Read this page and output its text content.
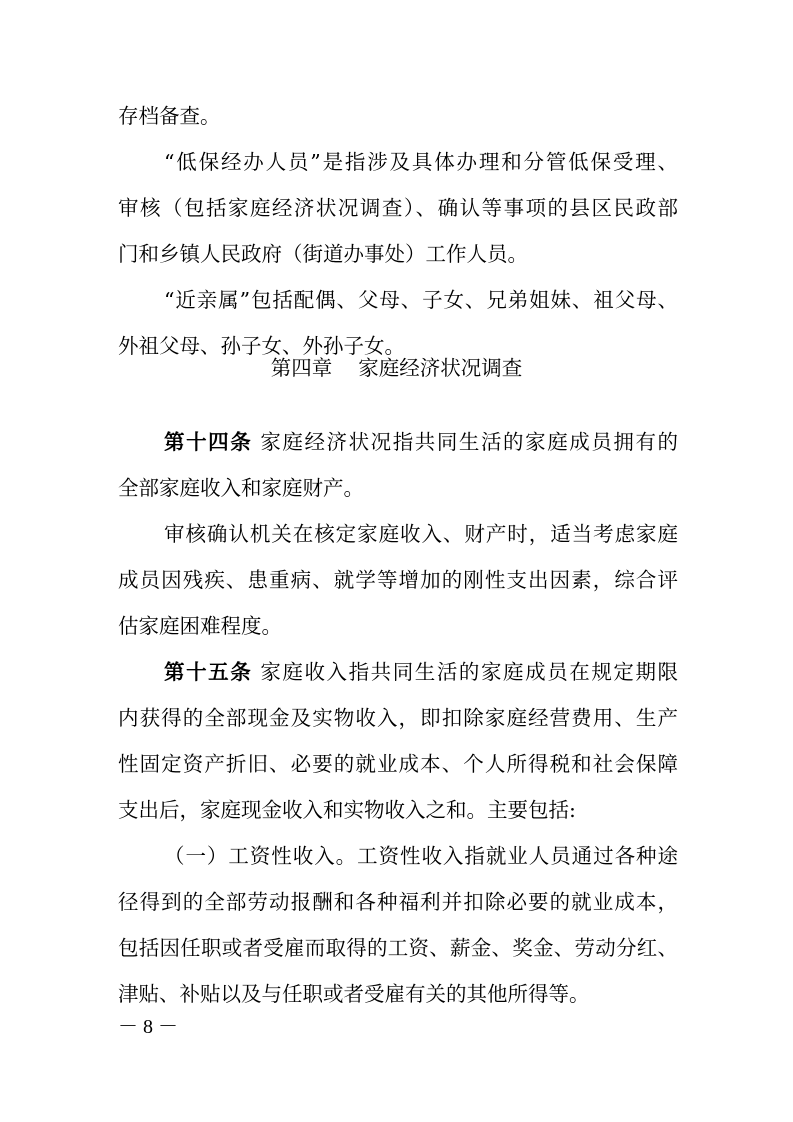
存档备查。
“低保经办人员”是指涉及具体办理和分管低保受理、
审核（包括家庭经济状况调查）、确认等事项的县区民政部
门和乡镇人民政府（街道办事处）工作人员。
“近亲属”包括配偶、父母、子女、兄弟姐妹、祖父母、
外祖父母、孙子女、外孙子女。
第四章 家庭经济状况调查
第十四条 家庭经济状况指共同生活的家庭成员拥有的
全部家庭收入和家庭财产。
审核确认机关在核定家庭收入、财产时，适当考虑家庭
成员因残疾、患重病、就学等增加的刚性支出因素，综合评
估家庭困难程度。
第十五条 家庭收入指共同生活的家庭成员在规定期限
内获得的全部现金及实物收入，即扣除家庭经营费用、生产
性固定资产折旧、必要的就业成本、个人所得税和社会保障
支出后，家庭现金收入和实物收入之和。主要包括:
（一）工资性收入。工资性收入指就业人员通过各种途
径得到的全部劳动报酬和各种福利并扣除必要的就业成本，
包括因任职或者受雇而取得的工资、薪金、奖金、劳动分红、
津贴、补贴以及与任职或者受雇有关的其他所得等。
－ 8 －
